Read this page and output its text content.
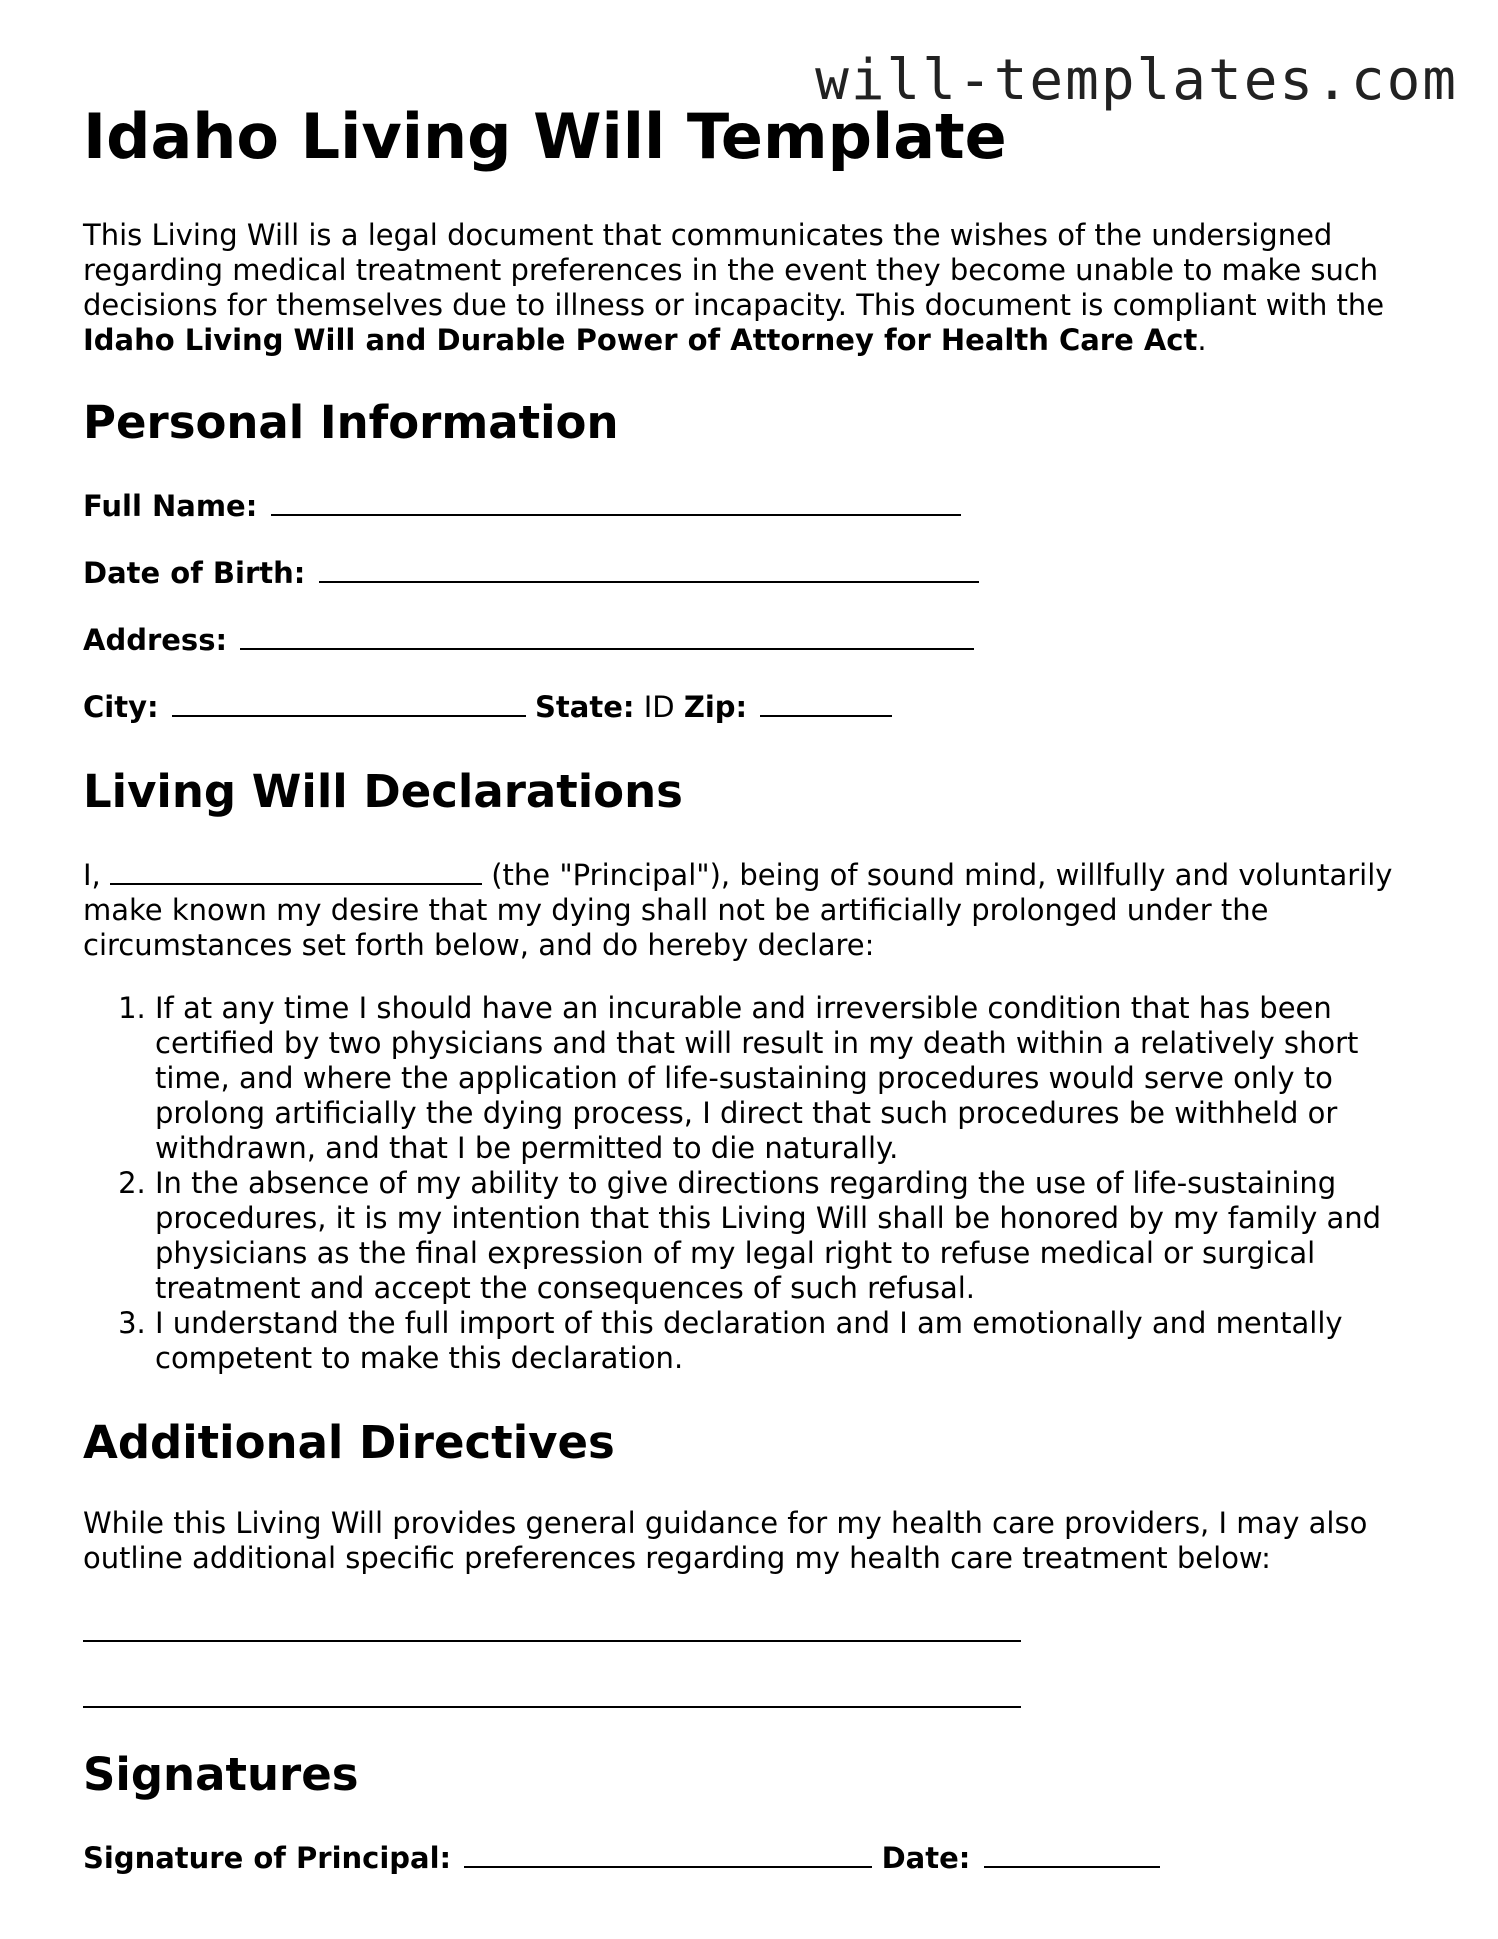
will-templates.com
Idaho Living Will Template

This Living Will is a legal document that communicates the wishes of the undersigned regarding medical treatment preferences in the event they become unable to make such decisions for themselves due to illness or incapacity. This document is compliant with the Idaho Living Will and Durable Power of Attorney for Health Care Act.

Personal Information
Full Name:
Date of Birth:
Address:
City:	State: ID Zip:
Living Will Declarations

I,	(the "Principal"), being of sound mind, willfully and voluntarily make known my desire that my dying shall not be artificially prolonged under the circumstances set forth below, and do hereby declare:

1. If at any time I should have an incurable and irreversible condition that has been certified by two physicians and that will result in my death within a relatively short time, and where the application of life-sustaining procedures would serve only to prolong artificially the dying process, I direct that such procedures be withheld or withdrawn, and that I be permitted to die naturally.
2. In the absence of my ability to give directions regarding the use of life-sustaining procedures, it is my intention that this Living Will shall be honored by my family and physicians as the final expression of my legal right to refuse medical or surgical treatment and accept the consequences of such refusal.
3. I understand the full import of this declaration and I am emotionally and mentally competent to make this declaration.
Additional Directives

While this Living Will provides general guidance for my health care providers, I may also outline additional specific preferences regarding my health care treatment below:

Signatures
Signature of Principal:	Date:
